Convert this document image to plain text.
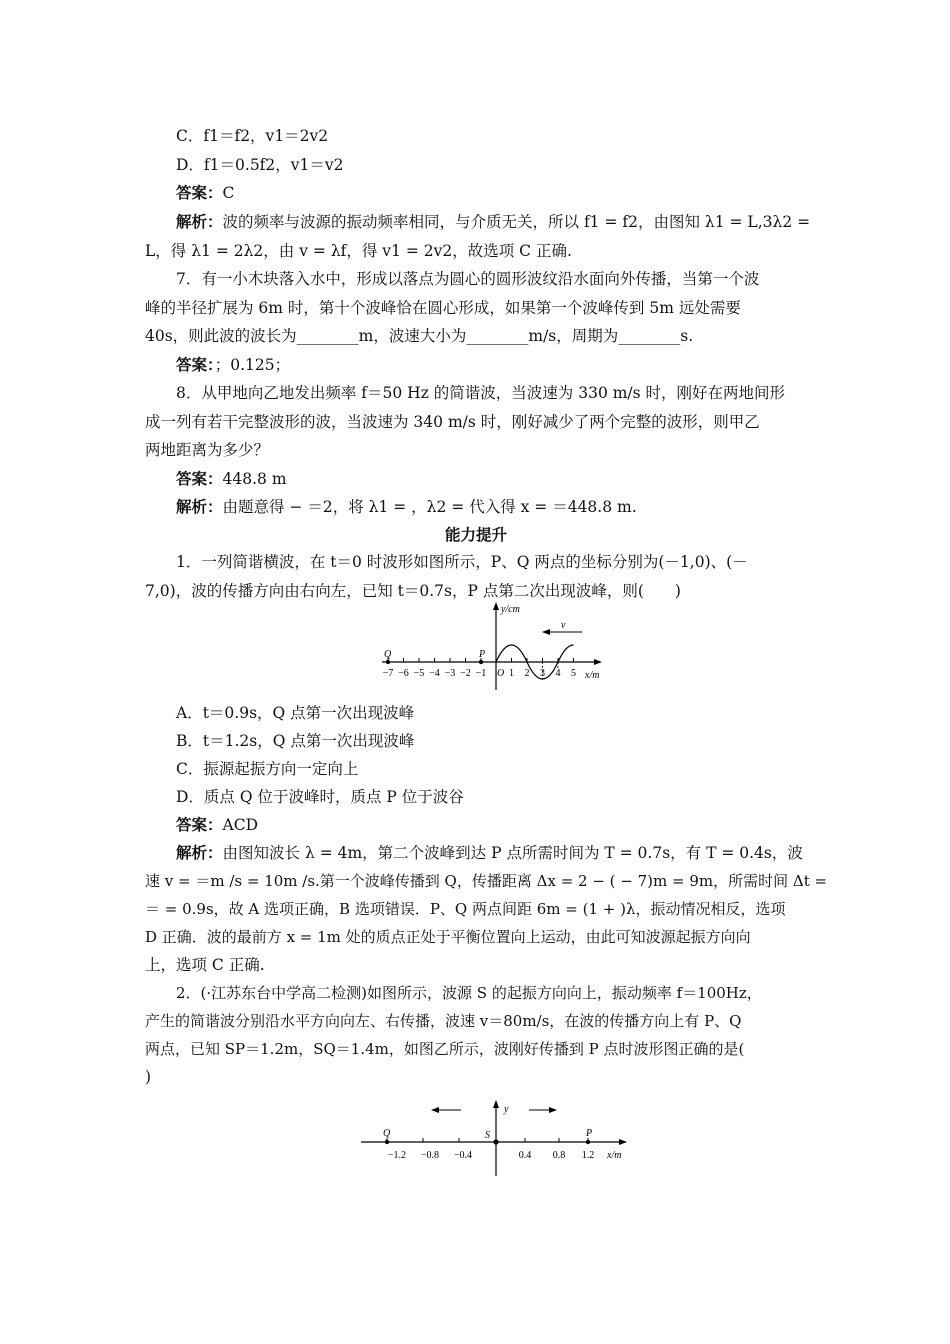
C．f1＝f2，v1＝2v2
D．f1＝0.5f2，v1＝v2
答案：C
解析：波的频率与波源的振动频率相同，与介质无关，所以 f1 = f2，由图知 λ1 = L,3λ2 =
L，得 λ1 = 2λ2，由 v = λf，得 v1 = 2v2，故选项 C 正确.
7．有一小木块落入水中，形成以落点为圆心的圆形波纹沿水面向外传播，当第一个波
峰的半径扩展为 6m 时，第十个波峰恰在圆心形成，如果第一个波峰传到 5m 远处需要
40s，则此波的波长为________m，波速大小为________m/s，周期为________s.
答案：；0.125；
8．从甲地向乙地发出频率 f＝50 Hz 的简谐波，当波速为 330 m/s 时，刚好在两地间形
成一列有若干完整波形的波，当波速为 340 m/s 时，刚好减少了两个完整的波形，则甲乙
两地距离为多少？
答案：448.8 m
解析：由题意得 − ＝2，将 λ1 = ，λ2 = 代入得 x = ＝448.8 m.
能力提升
1．一列简谐横波，在 t＝0 时波形如图所示，P、Q 两点的坐标分别为(－1,0)、(－
7,0)，波的传播方向由右向左，已知 t＝0.7s，P 点第二次出现波峰，则(　　)
y/cm
v
Q	P
O	x/m
−7 −6 −5 −4 −3 −2 −1 1 2 3 4 5
A．t＝0.9s，Q 点第一次出现波峰
B．t＝1.2s，Q 点第一次出现波峰
C．振源起振方向一定向上
D．质点 Q 位于波峰时，质点 P 位于波谷
答案：ACD
解析：由图知波长 λ = 4m，第二个波峰到达 P 点所需时间为 T = 0.7s，有 T = 0.4s，波
速 v = ＝m /s = 10m /s.第一个波峰传播到 Q，传播距离 Δx = 2 − ( − 7)m = 9m，所需时间 Δt =
＝ = 0.9s，故 A 选项正确，B 选项错误．P、Q 两点间距 6m = (1 + )λ，振动情况相反，选项
D 正确．波的最前方 x = 1m 处的质点正处于平衡位置向上运动，由此可知波源起振方向向
上，选项 C 正确.
2．(·江苏东台中学高二检测)如图所示，波源 S 的起振方向向上，振动频率 f＝100Hz，
产生的简谐波分别沿水平方向向左、右传播，波速 v＝80m/s，在波的传播方向上有 P、Q
两点，已知 SP＝1.2m，SQ＝1.4m，如图乙所示，波刚好传播到 P 点时波形图正确的是(
)
y
Q	S	P
x/m
−1.2 −0.8 −0.4	0.4 0.8 1.2
